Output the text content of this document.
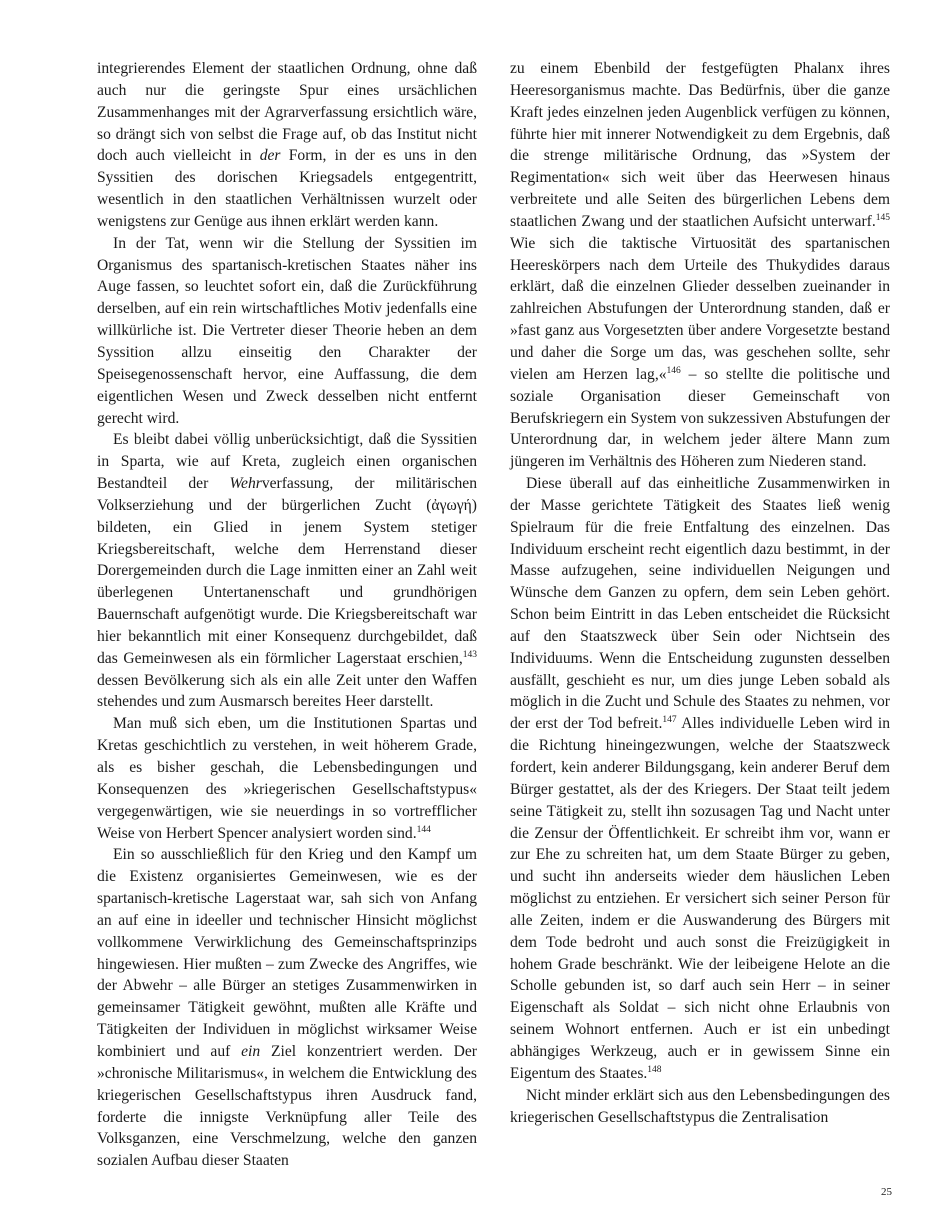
integrierendes Element der staatlichen Ordnung, ohne daß auch nur die geringste Spur eines ursächlichen Zusammenhanges mit der Agrarverfassung ersichtlich wäre, so drängt sich von selbst die Frage auf, ob das Institut nicht doch auch vielleicht in der Form, in der es uns in den Syssitien des dorischen Kriegsadels entgegentritt, wesentlich in den staatlichen Verhältnissen wurzelt oder wenigstens zur Genüge aus ihnen erklärt werden kann.

In der Tat, wenn wir die Stellung der Syssitien im Organismus des spartanisch-kretischen Staates näher ins Auge fassen, so leuchtet sofort ein, daß die Zurückführung derselben, auf ein rein wirtschaftliches Motiv jedenfalls eine willkürliche ist. Die Vertreter dieser Theorie heben an dem Syssition allzu einseitig den Charakter der Speisegenossenschaft hervor, eine Auffassung, die dem eigentlichen Wesen und Zweck desselben nicht entfernt gerecht wird.

Es bleibt dabei völlig unberücksichtigt, daß die Syssitien in Sparta, wie auf Kreta, zugleich einen organischen Bestandteil der Wehrverfassung, der militärischen Volkserziehung und der bürgerlichen Zucht (ἀγωγή) bildeten, ein Glied in jenem System stetiger Kriegsbereitschaft, welche dem Herrenstand dieser Dorergemeinden durch die Lage inmitten einer an Zahl weit überlegenen Untertanenschaft und grundhörigen Bauernschaft aufgenötigt wurde. Die Kriegsbereitschaft war hier bekanntlich mit einer Konsequenz durchgebildet, daß das Gemeinwesen als ein förmlicher Lagerstaat erschien,$^{143}$ dessen Bevölkerung sich als ein alle Zeit unter den Waffen stehendes und zum Ausmarsch bereites Heer darstellt.

Man muß sich eben, um die Institutionen Spartas und Kretas geschichtlich zu verstehen, in weit höherem Grade, als es bisher geschah, die Lebensbedingungen und Konsequenzen des »kriegerischen Gesellschaftstypus« vergegenwärtigen, wie sie neuerdings in so vortrefflicher Weise von Herbert Spencer analysiert worden sind.$^{144}$

Ein so ausschließlich für den Krieg und den Kampf um die Existenz organisiertes Gemeinwesen, wie es der spartanisch-kretische Lagerstaat war, sah sich von Anfang an auf eine in ideeller und technischer Hinsicht möglichst vollkommene Verwirklichung des Gemeinschaftsprinzips hingewiesen. Hier mußten – zum Zwecke des Angriffes, wie der Abwehr – alle Bürger an stetiges Zusammenwirken in gemeinsamer Tätigkeit gewöhnt, mußten alle Kräfte und Tätigkeiten der Individuen in möglichst wirksamer Weise kombiniert und auf ein Ziel konzentriert werden. Der »chronische Militarismus«, in welchem die Entwicklung des kriegerischen Gesellschaftstypus ihren Ausdruck fand, forderte die innigste Verknüpfung aller Teile des Volksganzen, eine Verschmelzung, welche den ganzen sozialen Aufbau dieser Staaten

zu einem Ebenbild der festgefügten Phalanx ihres Heeresorganismus machte. Das Bedürfnis, über die ganze Kraft jedes einzelnen jeden Augenblick verfügen zu können, führte hier mit innerer Notwendigkeit zu dem Ergebnis, daß die strenge militärische Ordnung, das »System der Regimentation« sich weit über das Heerwesen hinaus verbreitete und alle Seiten des bürgerlichen Lebens dem staatlichen Zwang und der staatlichen Aufsicht unterwarf.$^{145}$ Wie sich die taktische Virtuosität des spartanischen Heereskörpers nach dem Urteile des Thukydides daraus erklärt, daß die einzelnen Glieder desselben zueinander in zahlreichen Abstufungen der Unterordnung standen, daß er »fast ganz aus Vorgesetzten über andere Vorgesetzte bestand und daher die Sorge um das, was geschehen sollte, sehr vielen am Herzen lag,«$^{146}$ – so stellte die politische und soziale Organisation dieser Gemeinschaft von Berufskriegern ein System von sukzessiven Abstufungen der Unterordnung dar, in welchem jeder ältere Mann zum jüngeren im Verhältnis des Höheren zum Niederen stand.

Diese überall auf das einheitliche Zusammenwirken in der Masse gerichtete Tätigkeit des Staates ließ wenig Spielraum für die freie Entfaltung des einzelnen. Das Individuum erscheint recht eigentlich dazu bestimmt, in der Masse aufzugehen, seine individuellen Neigungen und Wünsche dem Ganzen zu opfern, dem sein Leben gehört. Schon beim Eintritt in das Leben entscheidet die Rücksicht auf den Staatszweck über Sein oder Nichtsein des Individuums. Wenn die Entscheidung zugunsten desselben ausfällt, geschieht es nur, um dies junge Leben sobald als möglich in die Zucht und Schule des Staates zu nehmen, vor der erst der Tod befreit.$^{147}$ Alles individuelle Leben wird in die Richtung hineingezwungen, welche der Staatszweck fordert, kein anderer Bildungsgang, kein anderer Beruf dem Bürger gestattet, als der des Kriegers. Der Staat teilt jedem seine Tätigkeit zu, stellt ihn sozusagen Tag und Nacht unter die Zensur der Öffentlichkeit. Er schreibt ihm vor, wann er zur Ehe zu schreiten hat, um dem Staate Bürger zu geben, und sucht ihn anderseits wieder dem häuslichen Leben möglichst zu entziehen. Er versichert sich seiner Person für alle Zeiten, indem er die Auswanderung des Bürgers mit dem Tode bedroht und auch sonst die Freizügigkeit in hohem Grade beschränkt. Wie der leibeigene Helote an die Scholle gebunden ist, so darf auch sein Herr – in seiner Eigenschaft als Soldat – sich nicht ohne Erlaubnis von seinem Wohnort entfernen. Auch er ist ein unbedingt abhängiges Werkzeug, auch er in gewissem Sinne ein Eigentum des Staates.$^{148}$

Nicht minder erklärt sich aus den Lebensbedingungen des kriegerischen Gesellschaftstypus die Zentralisation

25
